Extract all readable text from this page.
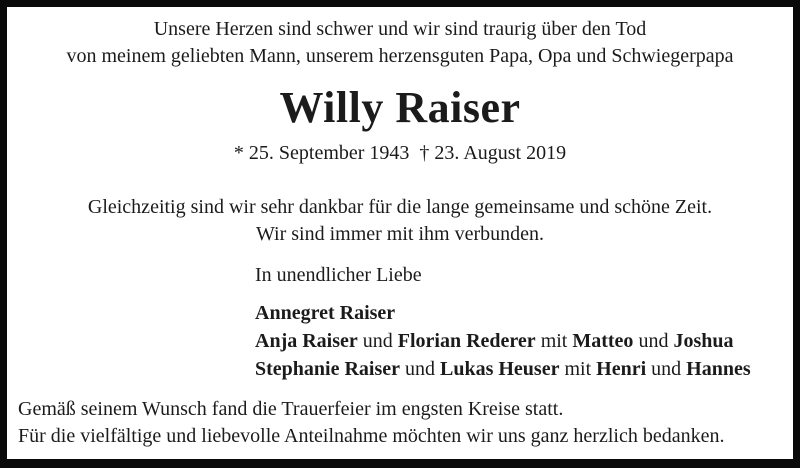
Unsere Herzen sind schwer und wir sind traurig über den Tod
von meinem geliebten Mann, unserem herzensguten Papa, Opa und Schwiegerpapa
Willy Raiser
* 25. September 1943 † 23. August 2019
Gleichzeitig sind wir sehr dankbar für die lange gemeinsame und schöne Zeit.
Wir sind immer mit ihm verbunden.
In unendlicher Liebe
Annegret Raiser
Anja Raiser und Florian Rederer mit Matteo und Joshua
Stephanie Raiser und Lukas Heuser mit Henri und Hannes
Gemäß seinem Wunsch fand die Trauerfeier im engsten Kreise statt.
Für die vielfältige und liebevolle Anteilnahme möchten wir uns ganz herzlich bedanken.
